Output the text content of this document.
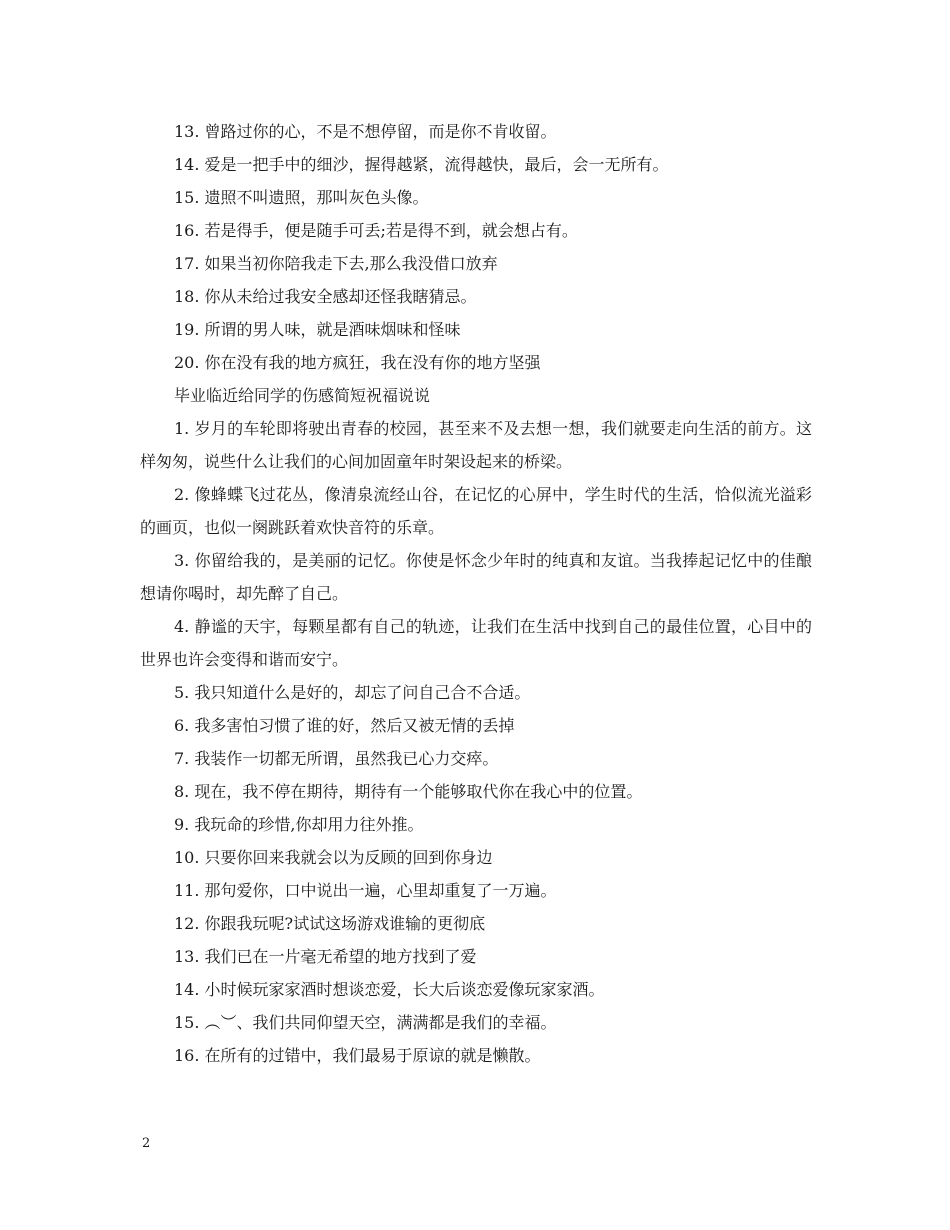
13. 曾路过你的心，不是不想停留，而是你不肯收留。

14. 爱是一把手中的细沙，握得越紧，流得越快，最后，会一无所有。

15. 遗照不叫遗照，那叫灰色头像。

16. 若是得手，便是随手可丢;若是得不到，就会想占有。

17. 如果当初你陪我走下去,那么我没借口放弃

18. 你从未给过我安全感却还怪我瞎猜忌。

19. 所谓的男人味，就是酒味烟味和怪味

20. 你在没有我的地方疯狂，我在没有你的地方坚强

毕业临近给同学的伤感简短祝福说说

1. 岁月的车轮即将驶出青春的校园，甚至来不及去想一想，我们就要走向生活的前方。这样匆匆，说些什么让我们的心间加固童年时架设起来的桥梁。

2. 像蜂蝶飞过花丛，像清泉流经山谷，在记忆的心屏中，学生时代的生活，恰似流光溢彩的画页，也似一阕跳跃着欢快音符的乐章。

3. 你留给我的，是美丽的记忆。你使是怀念少年时的纯真和友谊。当我捧起记忆中的佳酿想请你喝时，却先醉了自己。

4. 静谧的天宇，每颗星都有自己的轨迹，让我们在生活中找到自己的最佳位置，心目中的世界也许会变得和谐而安宁。

5. 我只知道什么是好的，却忘了问自己合不合适。

6. 我多害怕习惯了谁的好，然后又被无情的丢掉

7. 我装作一切都无所谓，虽然我已心力交瘁。

8. 现在，我不停在期待，期待有一个能够取代你在我心中的位置。

9. 我玩命的珍惜,你却用力往外推。

10. 只要你回来我就会以为反顾的回到你身边

11. 那句爱你，口中说出一遍，心里却重复了一万遍。

12. 你跟我玩呢?试试这场游戏谁输的更彻底

13. 我们已在一片毫无希望的地方找到了爱

14. 小时候玩家家酒时想谈恋爱，长大后谈恋爱像玩家家酒。

15. ︵︶、我们共同仰望天空，满满都是我们的幸福。

16. 在所有的过错中，我们最易于原谅的就是懒散。

2
